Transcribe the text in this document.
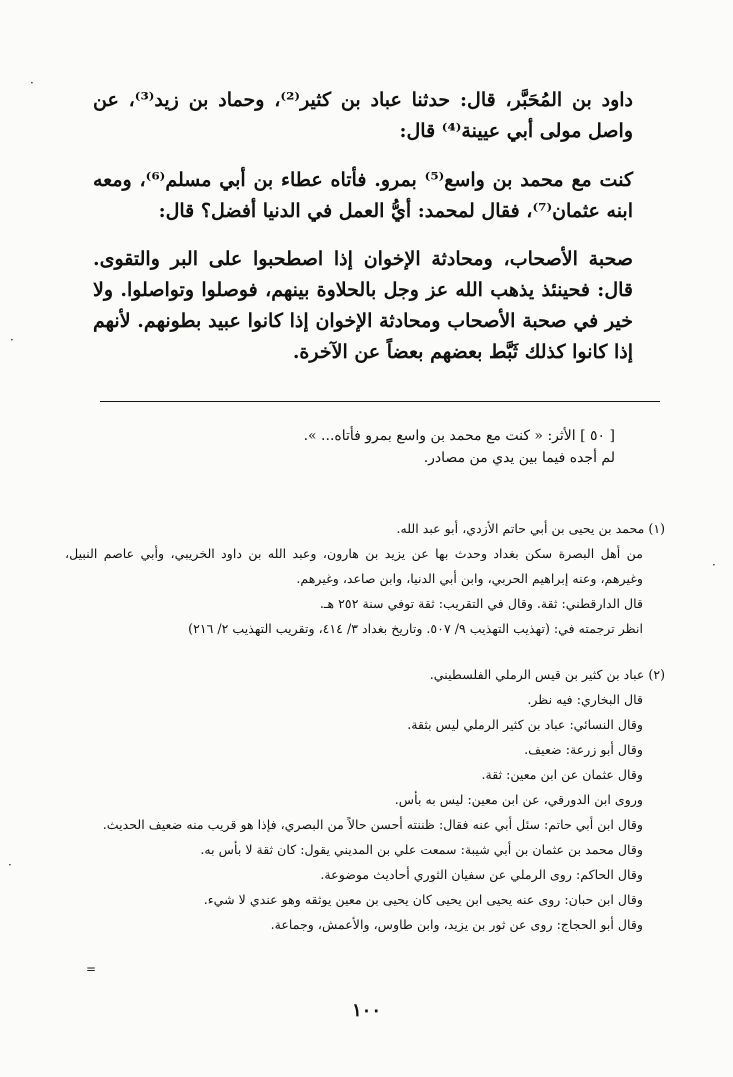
داود بن المُحَبَّر، قال: حدثنا عباد بن كثير⁽²⁾، وحماد بن زيد⁽³⁾، عن واصل مولى أبي عيينة⁽⁴⁾ قال:

كنت مع محمد بن واسع⁽⁵⁾ بمرو. فأتاه عطاء بن أبي مسلم⁽⁶⁾، ومعه ابنه عثمان⁽⁷⁾، فقال لمحمد: أيُّ العمل في الدنيا أفضل؟ قال:

صحبة الأصحاب، ومحادثة الإخوان إذا اصطحبوا على البر والتقوى. قال: فحينئذ يذهب الله عز وجل بالحلاوة بينهم، فوصلوا وتواصلوا. ولا خير في صحبة الأصحاب ومحادثة الإخوان إذا كانوا عبيد بطونهم. لأنهم إذا كانوا كذلك ثَبَّط بعضهم بعضاً عن الآخرة.

[ ٥٠ ] الأثر: « كنت مع محمد بن واسع بمرو فأتاه... ».
لم أجده فيما بين يدي من مصادر.
(١) محمد بن يحيى بن أبي حاتم الأزدي، أبو عبد الله.
من أهل البصرة سكن بغداد وحدث بها عن يزيد بن هارون، وعبد الله بن داود الخريبي، وأبي عاصم النبيل، وغيرهم، وعنه إبراهيم الحربي، وابن أبي الدنيا، وابن صاعد، وغيرهم.
قال الدارقطني: ثقة. وقال في التقريب: ثقة توفي سنة ٢٥٢ هـ.
انظر ترجمته في: (تهذيب التهذيب ٩/ ٥٠٧. وتاريخ بغداد ٣/ ٤١٤، وتقريب التهذيب ٢/ ٢١٦)
(٢) عباد بن كثير بن قيس الرملي الفلسطيني.
قال البخاري: فيه نظر.
وقال النسائي: عباد بن كثير الرملي ليس بثقة.
وقال أبو زرعة: ضعيف.
وقال عثمان عن ابن معين: ثقة.
وروى ابن الدورقي، عن ابن معين: ليس به بأس.
وقال ابن أبي حاتم: سئل أبي عنه فقال: ظننته أحسن حالاً من البصري، فإذا هو قريب منه ضعيف الحديث.
وقال محمد بن عثمان بن أبي شيبة: سمعت علي بن المديني يقول: كان ثقة لا بأس به.
وقال الحاكم: روى الرملي عن سفيان الثوري أحاديث موضوعة.
وقال ابن حبان: روى عنه يحيى ابن يحيى كان يحيى بن معين يوثقه وهو عندي لا شيء.
وقال أبو الحجاج: روى عن ثور بن يزيد، وابن طاوس، والأعمش، وجماعة.
١٠٠
·
·
·
=
·
